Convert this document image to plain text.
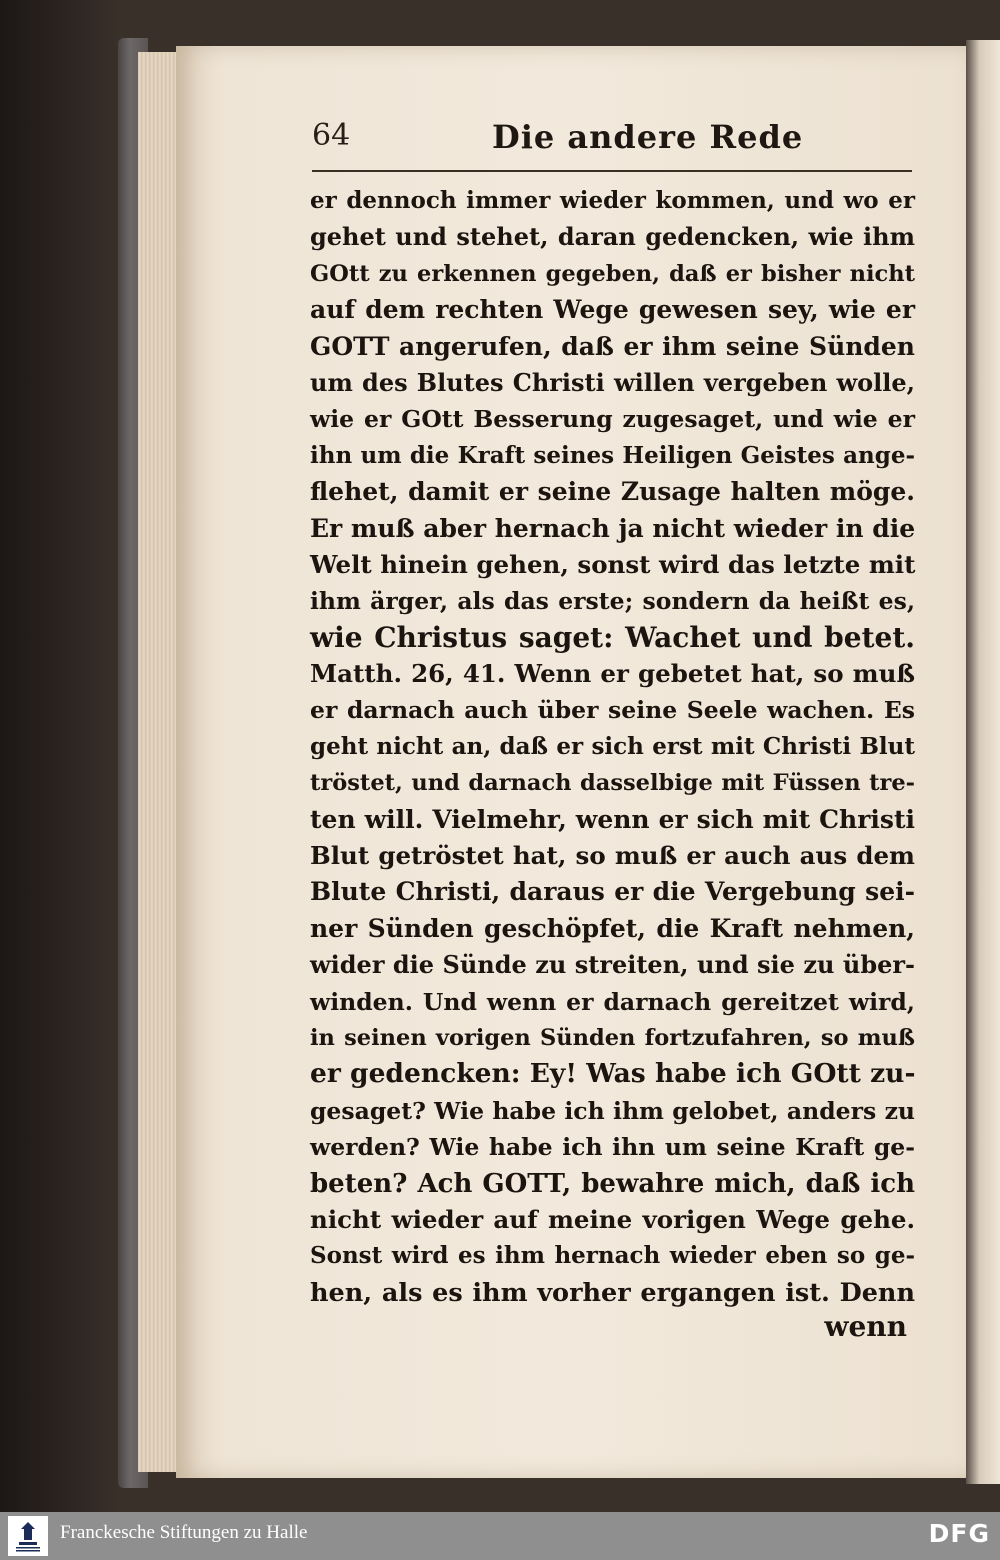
64	Die andere Rede
er dennoch immer wieder kommen, und wo er
gehet und stehet, daran gedencken, wie ihm
GOtt zu erkennen gegeben, daß er bisher nicht
auf dem rechten Wege gewesen sey, wie er
GOTT angerufen, daß er ihm seine Sünden
um des Blutes Christi willen vergeben wolle,
wie er GOtt Besserung zugesaget, und wie er
ihn um die Kraft seines Heiligen Geistes ange-
flehet, damit er seine Zusage halten möge.
Er muß aber hernach ja nicht wieder in die
Welt hinein gehen, sonst wird das letzte mit
ihm ärger, als das erste; sondern da heißt es,
wie Christus saget: Wachet und betet.
Matth. 26, 41. Wenn er gebetet hat, so muß
er darnach auch über seine Seele wachen. Es
geht nicht an, daß er sich erst mit Christi Blut
tröstet, und darnach dasselbige mit Füssen tre-
ten will. Vielmehr, wenn er sich mit Christi
Blut getröstet hat, so muß er auch aus dem
Blute Christi, daraus er die Vergebung sei-
ner Sünden geschöpfet, die Kraft nehmen,
wider die Sünde zu streiten, und sie zu über-
winden. Und wenn er darnach gereitzet wird,
in seinen vorigen Sünden fortzufahren, so muß
er gedencken: Ey! Was habe ich GOtt zu-
gesaget? Wie habe ich ihm gelobet, anders zu
werden? Wie habe ich ihn um seine Kraft ge-
beten? Ach GOTT, bewahre mich, daß ich
nicht wieder auf meine vorigen Wege gehe.
Sonst wird es ihm hernach wieder eben so ge-
hen, als es ihm vorher ergangen ist. Denn
wenn
Franckesche Stiftungen zu Halle	DFG
